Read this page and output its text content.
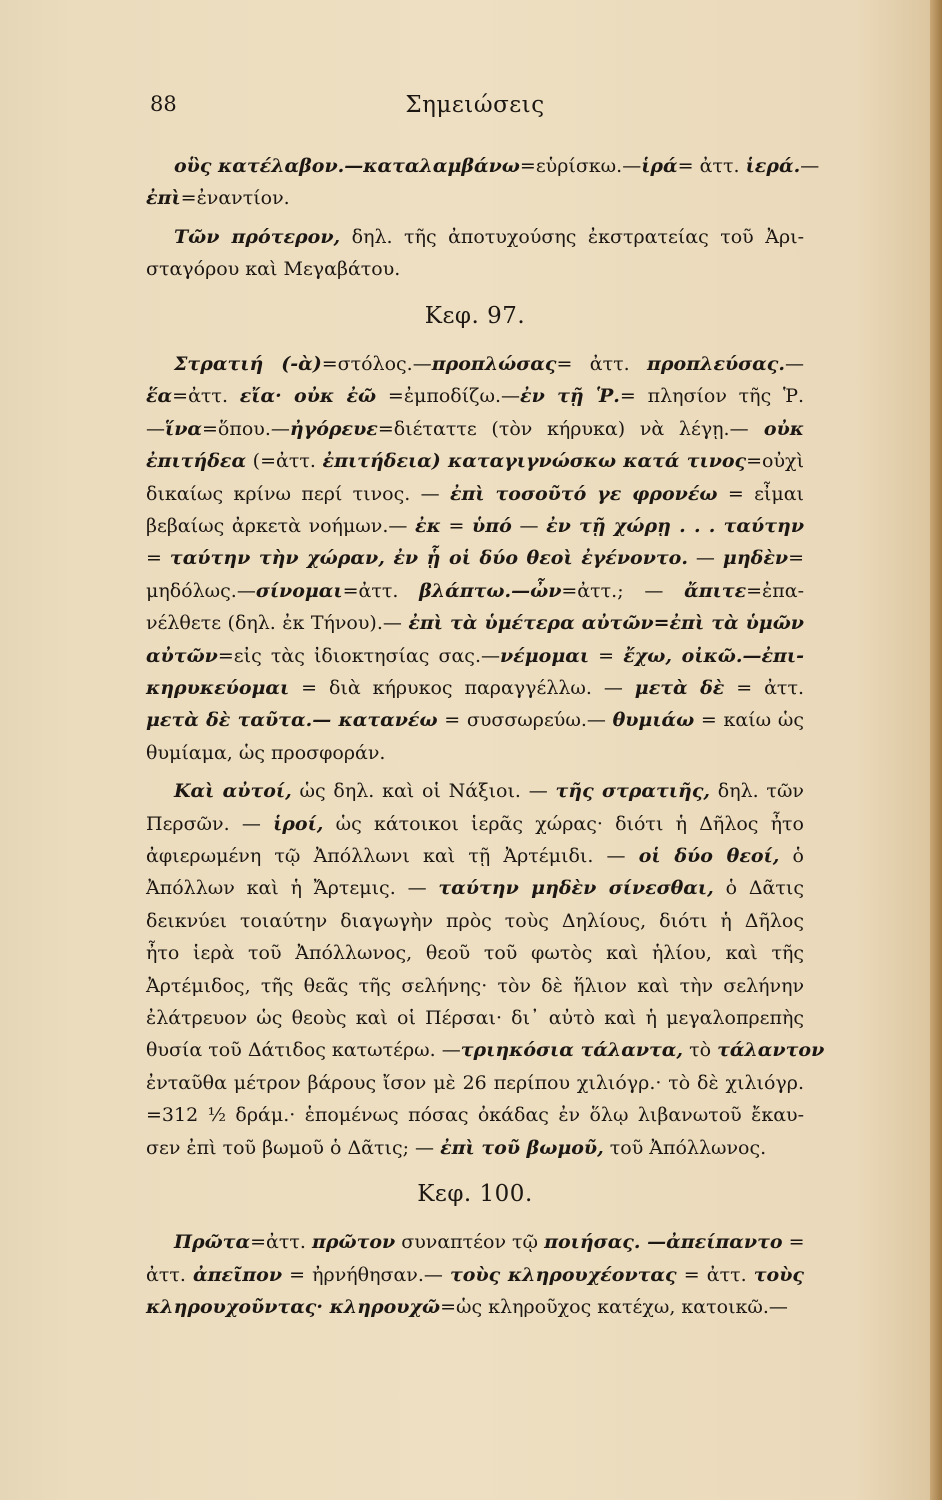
88	Σημειώσεις
οὓς κατέλαβον.—καταλαμβάνω=εὑρίσκω.—ἱρά= ἀττ. ἱερά.—
ἐπὶ=ἐναντίον.
Τῶν πρότερον, δηλ. τῆς ἀποτυχούσης ἐκστρατείας τοῦ Ἀρι-
σταγόρου καὶ Μεγαβάτου.
Κεφ. 97.
Στρατιή (-ὰ)=στόλος.—προπλώσας= ἀττ. προπλεύσας.—
ἕα=ἀττ. εἴα· οὐκ ἐῶ =ἐμποδίζω.—ἐν τῇ Ῥ.= πλησίον τῆς Ῥ.
—ἵνα=ὅπου.—ἠγόρευε=διέταττε (τὸν κήρυκα) νὰ λέγῃ.— οὐκ
ἐπιτήδεα (=ἀττ. ἐπιτήδεια) καταγιγνώσκω κατά τινος=οὐχὶ
δικαίως κρίνω περί τινος. — ἐπὶ τοσοῦτό γε φρονέω = εἶμαι
βεβαίως ἀρκετὰ νοήμων.— ἐκ = ὑπό — ἐν τῇ χώρῃ . . . ταύτην
= ταύτην τὴν χώραν, ἐν ᾗ οἱ δύο θεοὶ ἐγένοντο. — μηδὲν=
μηδόλως.—σίνομαι=ἀττ. βλάπτω.—ὦν=ἀττ.; — ἄπιτε=ἐπα-
νέλθετε (δηλ. ἐκ Τήνου).— ἐπὶ τὰ ὑμέτερα αὐτῶν=ἐπὶ τὰ ὑμῶν
αὐτῶν=εἰς τὰς ἰδιοκτησίας σας.—νέμομαι = ἔχω, οἰκῶ.—ἐπι-
κηρυκεύομαι = διὰ κήρυκος παραγγέλλω. — μετὰ δὲ = ἀττ.
μετὰ δὲ ταῦτα.— κατανέω = συσσωρεύω.— θυμιάω = καίω ὡς
θυμίαμα, ὡς προσφοράν.
Καὶ αὐτοί, ὡς δηλ. καὶ οἱ Νάξιοι. — τῆς στρατιῆς, δηλ. τῶν
Περσῶν. — ἱροί, ὡς κάτοικοι ἱερᾶς χώρας· διότι ἡ Δῆλος ἦτο
ἀφιερωμένη τῷ Ἀπόλλωνι καὶ τῇ Ἀρτέμιδι. — οἱ δύο θεοί, ὁ
Ἀπόλλων καὶ ἡ Ἄρτεμις. — ταύτην μηδὲν σίνεσθαι, ὁ Δᾶτις
δεικνύει τοιαύτην διαγωγὴν πρὸς τοὺς Δηλίους, διότι ἡ Δῆλος
ἦτο ἱερὰ τοῦ Ἀπόλλωνος, θεοῦ τοῦ φωτὸς καὶ ἡλίου, καὶ τῆς
Ἀρτέμιδος, τῆς θεᾶς τῆς σελήνης· τὸν δὲ ἥλιον καὶ τὴν σελήνην
ἐλάτρευον ὡς θεοὺς καὶ οἱ Πέρσαι· δι᾽ αὐτὸ καὶ ἡ μεγαλοπρεπὴς
θυσία τοῦ Δάτιδος κατωτέρω. —τριηκόσια τάλαντα, τὸ τάλαντον
ἐνταῦθα μέτρον βάρους ἴσον μὲ 26 περίπου χιλιόγρ.· τὸ δὲ χιλιόγρ.
=312 ½ δράμ.· ἑπομένως πόσας ὀκάδας ἐν ὅλῳ λιβανωτοῦ ἔκαυ-
σεν ἐπὶ τοῦ βωμοῦ ὁ Δᾶτις; — ἐπὶ τοῦ βωμοῦ, τοῦ Ἀπόλλωνος.
Κεφ. 100.
Πρῶτα=ἀττ. πρῶτον συναπτέον τῷ ποιήσας. —ἀπείπαντο =
ἀττ. ἀπεῖπον = ἠρνήθησαν.— τοὺς κληρουχέοντας = ἀττ. τοὺς
κληρουχοῦντας· κληρουχῶ=ὡς κληροῦχος κατέχω, κατοικῶ.—
